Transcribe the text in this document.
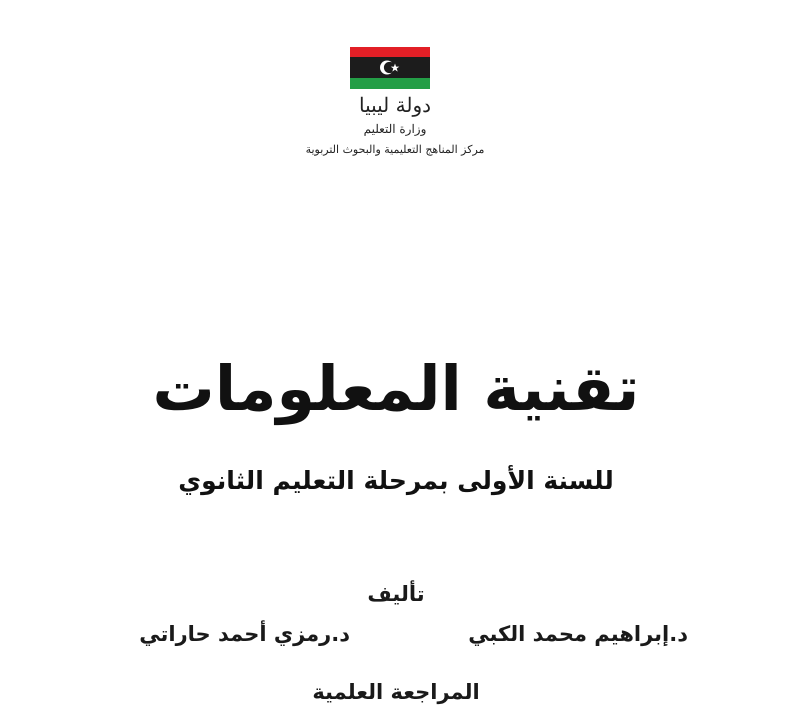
دولة ليبيا
وزارة التعليم
مركز المناهج التعليمية والبحوث التربوية
تقنية المعلومات
للسنة الأولى بمرحلة التعليم الثانوي
تأليف
د.إبراهيم محمد الكبي
د.رمزي أحمد حاراتي
المراجعة العلمية
